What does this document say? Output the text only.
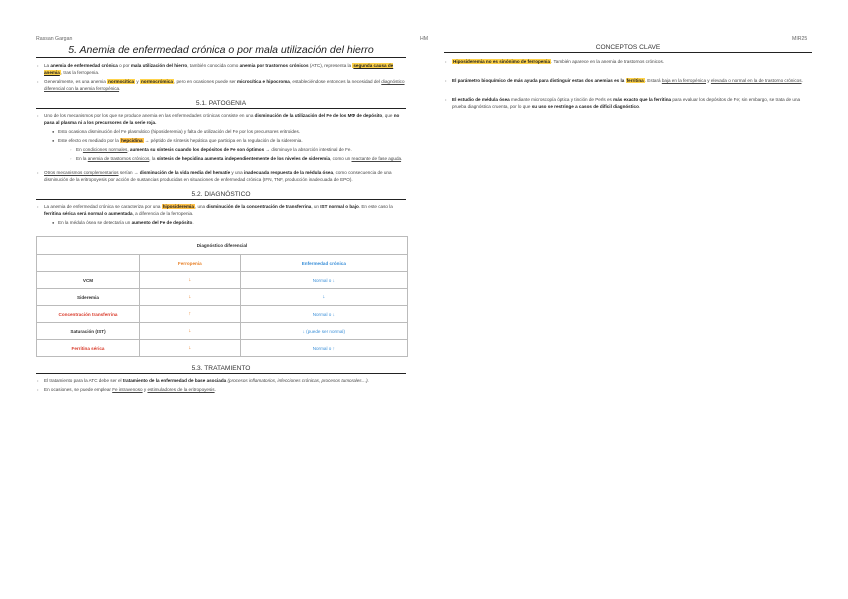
Rassan Gargan	HM	MIR25
5. Anemia de enfermedad crónica o por mala utilización del hierro
• La anemia de enfermedad crónica o por mala utilización del hierro, también conocida como anemia por trastornos crónicos (ATC), representa la segunda causa de anemia, tras la ferropenia.
• Generalmente, es una anemia normocítica y normocrómica, pero en ocasiones puede ser microcítica e hipocroma, estableciéndose entonces la necesidad del diagnóstico diferencial con la anemia ferropénica.
5.1. PATOGENIA
• Uno de los mecanismos por los que se produce anemia en las enfermedades crónicas consiste en una disminución de la utilización del Fe de los MΦ de depósito, que no pasa al plasma ni a los precursores de la serie roja.
● Esto ocasiona disminución del Fe plasmático (hiposideremia) y falta de utilización del Fe por los precursores eritroides.
● Este efecto es mediado por la hepcidina → péptido de síntesis hepática que participa en la regulación de la sideremia.
◦ En condiciones normales, aumenta su síntesis cuando los depósitos de Fe son óptimos → disminuye la absorción intestinal de Fe.
◦ En la anemia de trastornos crónicos, la síntesis de hepcidina aumenta independientemente de los niveles de sideremia, como un reactante de fase aguda.
• Otros mecanismos complementarios serían → disminución de la vida media del hematíe y una inadecuada respuesta de la médula ósea, como consecuencia de una disminución de la eritropoyesis por acción de sustancias producidas en situaciones de enfermedad crónica (IFN, TNF, producción inadecuada de EPO).
5.2. DIAGNÓSTICO
• La anemia de enfermedad crónica se caracteriza por una hiposideremia, una disminución de la concentración de transferrina, un IST normal o bajo. En este caso la ferritina sérica será normal o aumentada, a diferencia de la ferropenia.
● En la médula ósea se detectaría un aumento del Fe de depósito.
Diagnóstico diferencial		
	Ferropenia	Enfermedad crónica
VCM	↓	Normal o ↓
Sideremia	↓	↓
Concentración transferrina	↑	Normal o ↓
Saturación (IST)	↓	↓ (puede ser normal)
Ferritina sérica	↓	Normal o ↑
5.3. TRATAMIENTO
• El tratamiento para la ATC debe ser el tratamiento de la enfermedad de base asociada (procesos inflamatorios, infecciones crónicas, procesos tumorales…).
• En ocasiones, se puede emplear Fe intravenoso y estimuladores de la eritropoyesis.
CONCEPTOS CLAVE
• Hiposideremia no es sinónimo de ferropenia. También aparece en la anemia de trastornos crónicos.
• El parámetro bioquímico de más ayuda para distinguir estas dos anemias es la ferritina. Estará baja en la ferropénica y elevada o normal en la de trastorno crónicos.
• El estudio de médula ósea mediante microscopía óptica y tinción de Perls es más exacto que la ferritina para evaluar los depósitos de Fe; sin embargo, se trata de una prueba diagnóstica cruenta, por lo que su uso se restringe a casos de difícil diagnóstico.
